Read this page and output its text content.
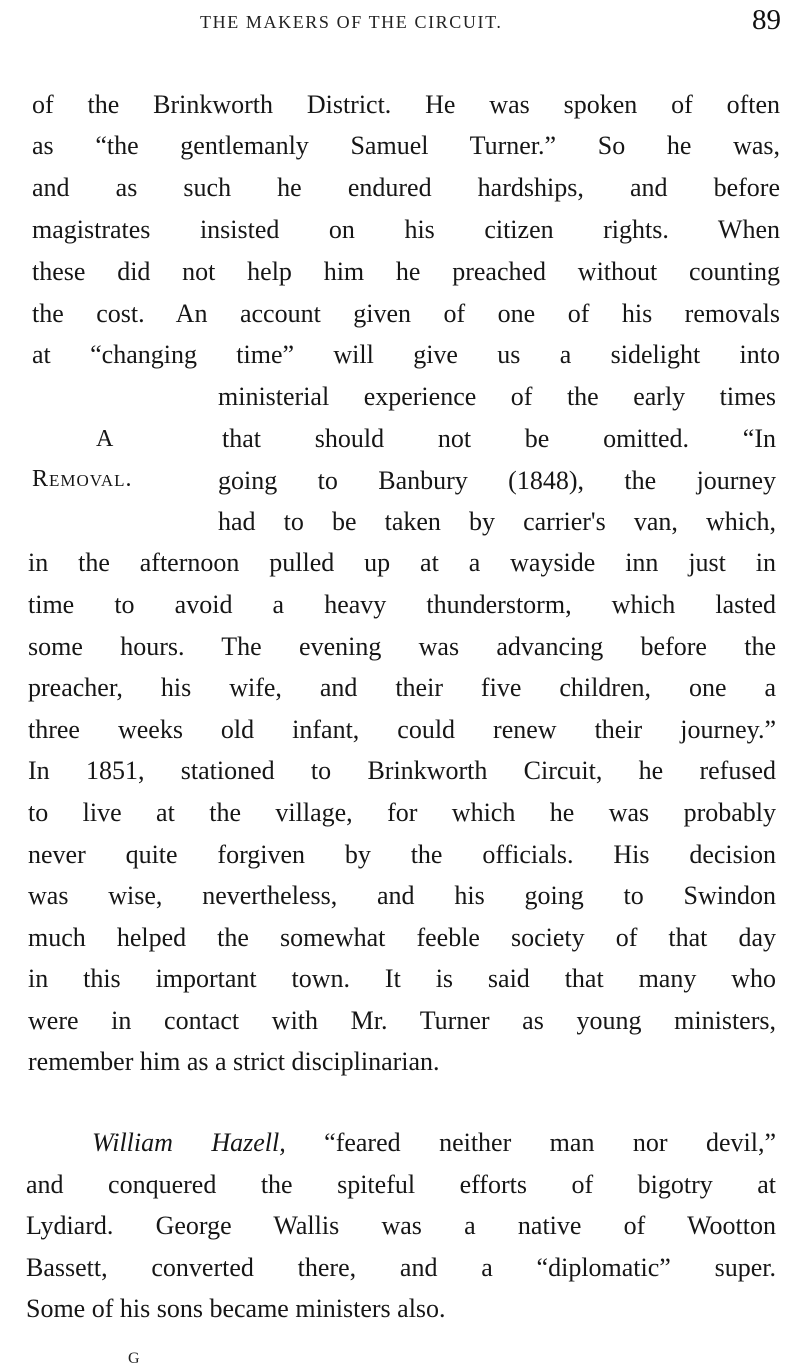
THE MAKERS OF THE CIRCUIT.	89
of the Brinkworth District. He was spoken of often
as “the gentlemanly Samuel Turner.” So he was,
and as such he endured hardships, and before
magistrates insisted on his citizen rights. When
these did not help him he preached without counting
the cost. An account given of one of his removals
at “changing time” will give us a sidelight into
ministerial experience of the early times
that should not be omitted. “In
going to Banbury (1848), the journey
had to be taken by carrier's van, which,
in the afternoon pulled up at a wayside inn just in
time to avoid a heavy thunderstorm, which lasted
some hours. The evening was advancing before the
preacher, his wife, and their five children, one a
three weeks old infant, could renew their journey.”
In 1851, stationed to Brinkworth Circuit, he refused
to live at the village, for which he was probably
never quite forgiven by the officials. His decision
was wise, nevertheless, and his going to Swindon
much helped the somewhat feeble society of that day
in this important town. It is said that many who
were in contact with Mr. Turner as young ministers,
remember him as a strict disciplinarian.
A
Removal.
William Hazell, “feared neither man nor devil,”
and conquered the spiteful efforts of bigotry at
Lydiard. George Wallis was a native of Wootton
Bassett, converted there, and a “diplomatic” super.
Some of his sons became ministers also.
G
